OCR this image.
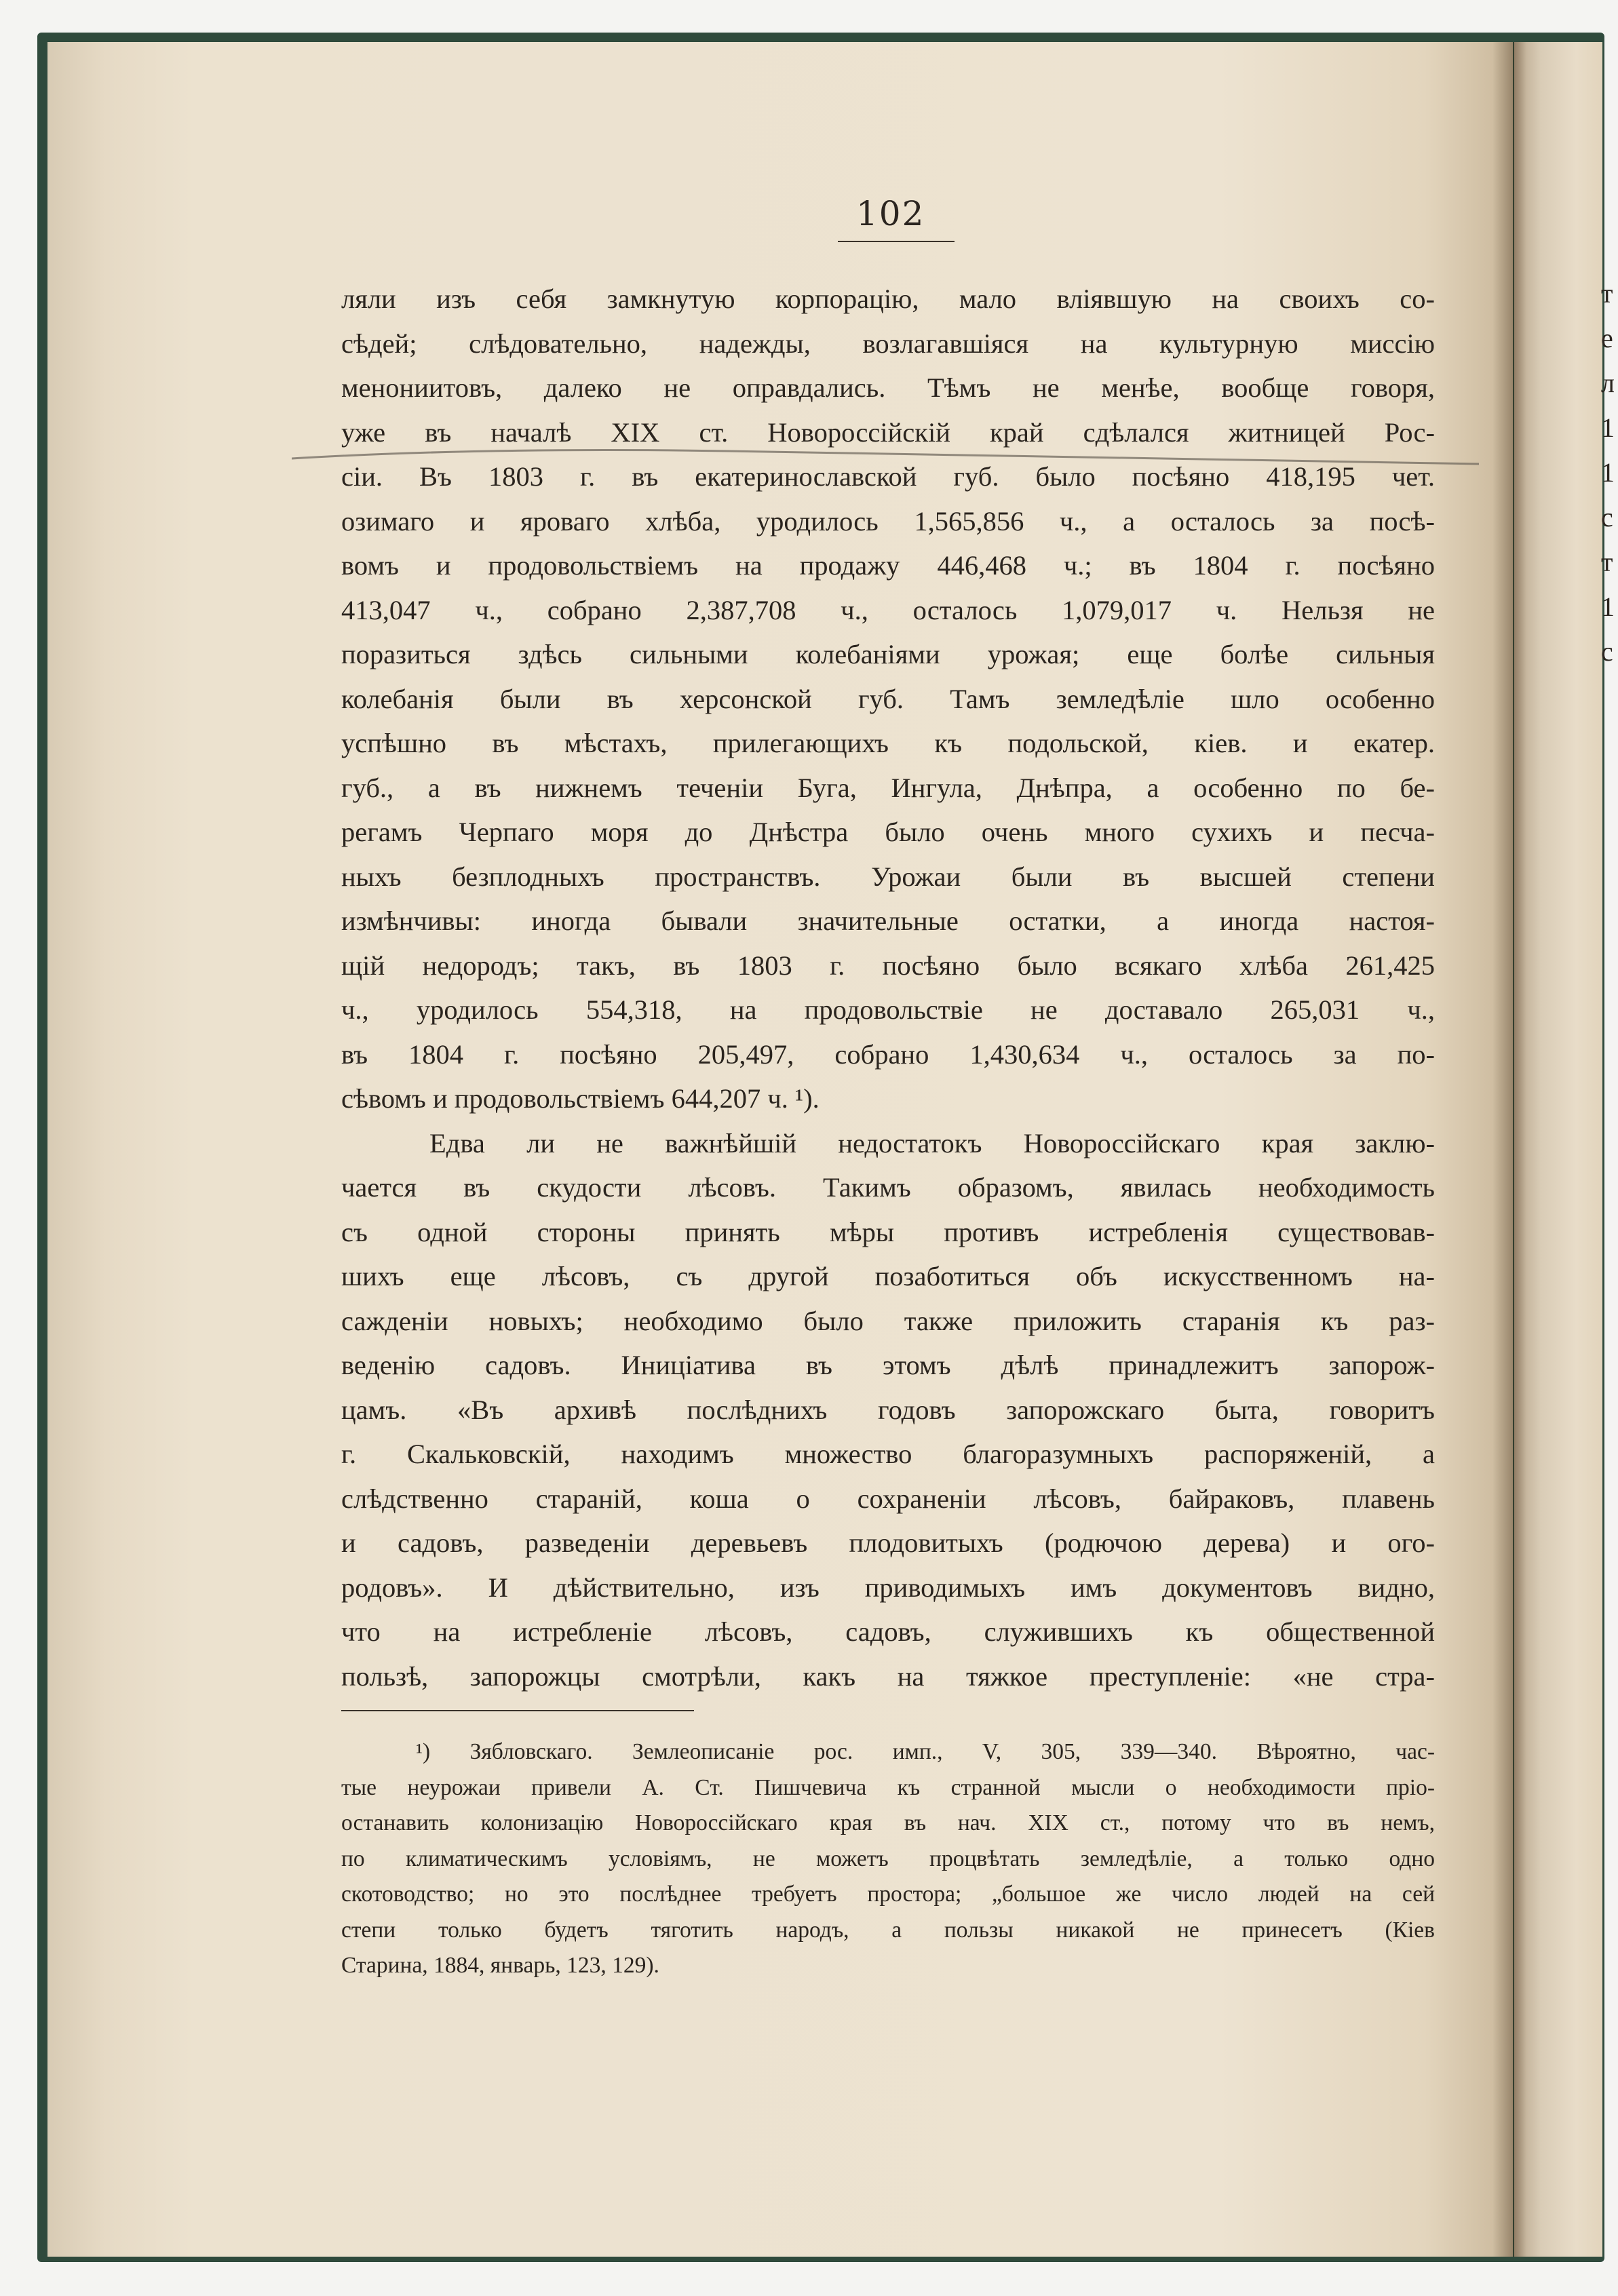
т
е
л
1
1
с
т
1
с
102
ляли изъ себя замкнутую корпорацію, мало вліявшую на своихъ со-
сѣдей; слѣдовательно, надежды, возлагавшіяся на культурную миссію
менониитовъ, далеко не оправдались. Тѣмъ не менѣе, вообще говоря,
уже въ началѣ XIX ст. Новороссійскій край сдѣлался житницей Рос-
сіи. Въ 1803 г. въ екатеринославской губ. было посѣяно 418,195 чет.
озимаго и яроваго хлѣба, уродилось 1,565,856 ч., а осталось за посѣ-
вомъ и продовольствіемъ на продажу 446,468 ч.; въ 1804 г. посѣяно
413,047 ч., собрано 2,387,708 ч., осталось 1,079,017 ч. Нельзя не
поразиться здѣсь сильными колебаніями урожая; еще болѣе сильныя
колебанія были въ херсонской губ. Тамъ земледѣліе шло особенно
успѣшно въ мѣстахъ, прилегающихъ къ подольской, кіев. и екатер.
губ., а въ нижнемъ теченіи Буга, Ингула, Днѣпра, а особенно по бе-
регамъ Черпаго моря до Днѣстра было очень много сухихъ и песча-
ныхъ безплодныхъ пространствъ. Урожаи были въ высшей степени
измѣнчивы: иногда бывали значительные остатки, а иногда настоя-
щій недородъ; такъ, въ 1803 г. посѣяно было всякаго хлѣба 261,425
ч., уродилось 554,318, на продовольствіе не доставало 265,031 ч.,
въ 1804 г. посѣяно 205,497, собрано 1,430,634 ч., осталось за по-
сѣвомъ и продовольствіемъ 644,207 ч. ¹).
Едва ли не важнѣйшій недостатокъ Новороссійскаго края заклю-
чается въ скудости лѣсовъ. Такимъ образомъ, явилась необходимость
съ одной стороны принять мѣры противъ истребленія существовав-
шихъ еще лѣсовъ, съ другой позаботиться объ искусственномъ на-
сажденіи новыхъ; необходимо было также приложить старанія къ раз-
веденію садовъ. Иниціатива въ этомъ дѣлѣ принадлежитъ запорож-
цамъ. «Въ архивѣ послѣднихъ годовъ запорожскаго быта, говоритъ
г. Скальковскій, находимъ множество благоразумныхъ распоряженій, а
слѣдственно стараній, коша о сохраненіи лѣсовъ, байраковъ, плавень
и садовъ, разведеніи деревьевъ плодовитыхъ (родючою дерева) и ого-
родовъ». И дѣйствительно, изъ приводимыхъ имъ документовъ видно,
что на истребленіе лѣсовъ, садовъ, служившихъ къ общественной
пользѣ, запорожцы смотрѣли, какъ на тяжкое преступленіе: «не стра-
¹) Зябловскаго. Землеописаніе рос. имп., V, 305, 339—340. Вѣроятно, час-
тые неурожаи привели А. Ст. Пишчевича къ странной мысли о необходимости пріо-
останавить колонизацію Новороссійскаго края въ нач. XIX ст., потому что въ немъ,
по климатическимъ условіямъ, не можетъ процвѣтать земледѣліе, а только одно
скотоводство; но это послѣднее требуетъ простора; „большое же число людей на сей
степи только будетъ тяготить народъ, а пользы никакой не принесетъ (Кіев
Старина, 1884, январь, 123, 129).
